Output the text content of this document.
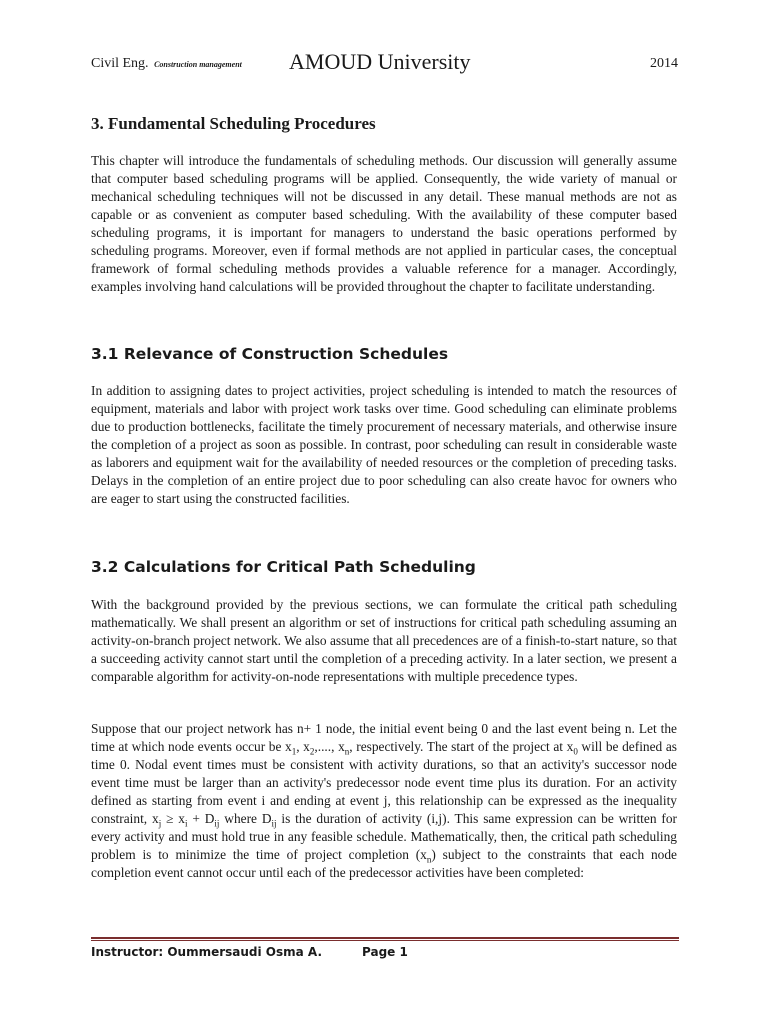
Civil Eng. Construction management AMOUD University	2014
3. Fundamental Scheduling Procedures

This chapter will introduce the fundamentals of scheduling methods. Our discussion will generally assume that computer based scheduling programs will be applied. Consequently, the wide variety of manual or mechanical scheduling techniques will not be discussed in any detail. These manual methods are not as capable or as convenient as computer based scheduling. With the availability of these computer based scheduling programs, it is important for managers to understand the basic operations performed by scheduling programs. Moreover, even if formal methods are not applied in particular cases, the conceptual framework of formal scheduling methods provides a valuable reference for a manager. Accordingly, examples involving hand calculations will be provided throughout the chapter to facilitate understanding.

3.1 Relevance of Construction Schedules

In addition to assigning dates to project activities, project scheduling is intended to match the resources of equipment, materials and labor with project work tasks over time. Good scheduling can eliminate problems due to production bottlenecks, facilitate the timely procurement of necessary materials, and otherwise insure the completion of a project as soon as possible. In contrast, poor scheduling can result in considerable waste as laborers and equipment wait for the availability of needed resources or the completion of preceding tasks. Delays in the completion of an entire project due to poor scheduling can also create havoc for owners who are eager to start using the constructed facilities.

3.2 Calculations for Critical Path Scheduling

With the background provided by the previous sections, we can formulate the critical path scheduling mathematically. We shall present an algorithm or set of instructions for critical path scheduling assuming an activity-on-branch project network. We also assume that all precedences are of a finish-to-start nature, so that a succeeding activity cannot start until the completion of a preceding activity. In a later section, we present a comparable algorithm for activity-on-node representations with multiple precedence types.

Suppose that our project network has n+ 1 node, the initial event being 0 and the last event being n. Let the time at which node events occur be $x_1$, $x_2$,...., $x_n$, respectively. The start of the project at $x_0$ will be defined as time 0. Nodal event times must be consistent with activity durations, so that an activity's successor node event time must be larger than an activity's predecessor node event time plus its duration. For an activity defined as starting from event i and ending at event j, this relationship can be expressed as the inequality constraint, $x_j \ge x_i + D_{ij}$ where $D_{ij}$ is the duration of activity (i,j). This same expression can be written for every activity and must hold true in any feasible schedule. Mathematically, then, the critical path scheduling problem is to minimize the time of project completion $(x_n)$ subject to the constraints that each node completion event cannot occur until each of the predecessor activities have been completed:

Instructor: Oummersaudi Osma A.	Page 1
